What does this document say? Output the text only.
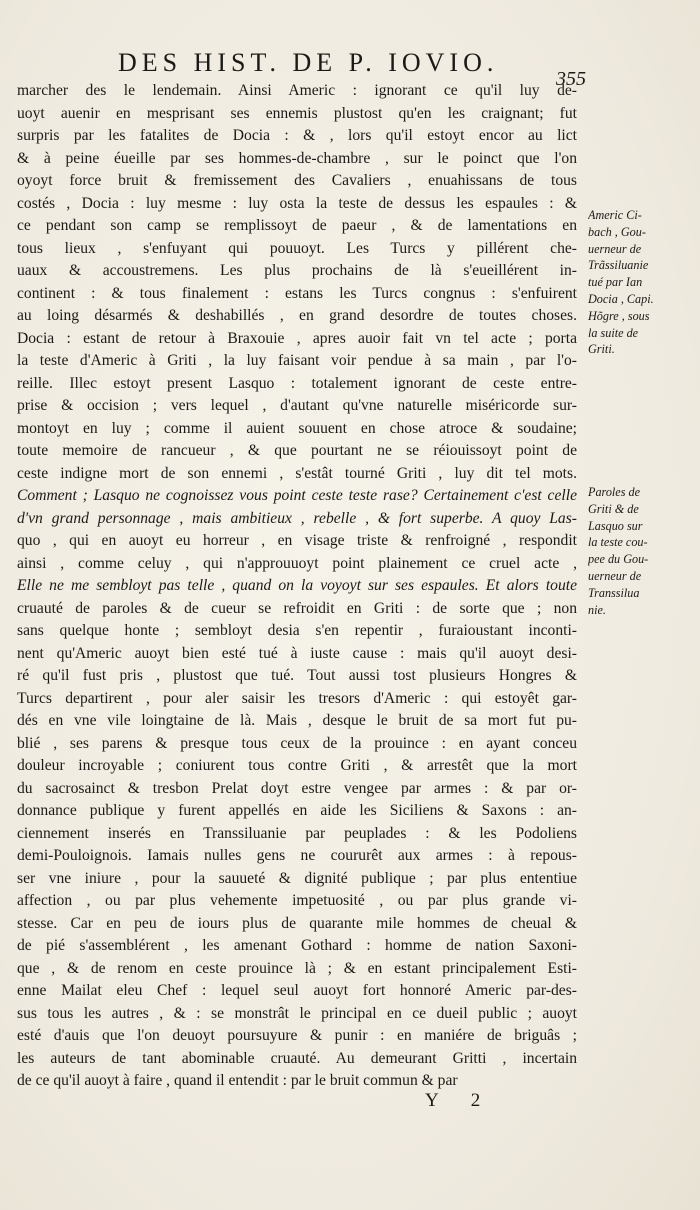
DES HIST. DE P. IOVIO.
355
marcher des le lendemain. Ainsi Americ : ignorant ce qu'il luy de-
uoyt auenir en mesprisant ses ennemis plustost qu'en les craignant; fut
surpris par les fatalites de Docia : & , lors qu'il estoyt encor au lict
& à peine éueille par ses hommes-de-chambre , sur le poinct que l'on
oyoyt force bruit & fremissement des Cavaliers , enuahissans de tous
costés , Docia : luy mesme : luy osta la teste de dessus les espaules : &
ce pendant son camp se remplissoyt de paeur , & de lamentations en
tous lieux , s'enfuyant qui pouuoyt. Les Turcs y pillérent che-
uaux & accoustremens. Les plus prochains de là s'eueillérent in-
continent : & tous finalement : estans les Turcs congnus : s'enfuirent
au loing désarmés & deshabillés , en grand desordre de toutes choses.
Docia : estant de retour à Braxouie , apres auoir fait vn tel acte ; porta
la teste d'Americ à Griti , la luy faisant voir pendue à sa main , par l'o-
reille. Illec estoyt present Lasquo : totalement ignorant de ceste entre-
prise & occision ; vers lequel , d'autant qu'vne naturelle miséricorde sur-
montoyt en luy ; comme il auient souuent en chose atroce & soudaine;
toute memoire de rancueur , & que pourtant ne se réiouissoyt point de
ceste indigne mort de son ennemi , s'estât tourné Griti , luy dit tel mots.
Comment ; Lasquo ne cognoissez vous point ceste teste rase? Certainement c'est celle
d'vn grand personnage , mais ambitieux , rebelle , & fort superbe. A quoy Las-
quo , qui en auoyt eu horreur , en visage triste & renfroigné , respondit
ainsi , comme celuy , qui n'approuuoyt point plainement ce cruel acte ,
Elle ne me sembloyt pas telle , quand on la voyoyt sur ses espaules. Et alors toute
cruauté de paroles & de cueur se refroidit en Griti : de sorte que ; non
sans quelque honte ; sembloyt desia s'en repentir , furaioustant inconti-
nent qu'Americ auoyt bien esté tué à iuste cause : mais qu'il auoyt desi-
ré qu'il fust pris , plustost que tué. Tout aussi tost plusieurs Hongres &
Turcs departirent , pour aler saisir les tresors d'Americ : qui estoyêt gar-
dés en vne vile loingtaine de là. Mais , desque le bruit de sa mort fut pu-
blié , ses parens & presque tous ceux de la prouince : en ayant conceu
douleur incroyable ; coniurent tous contre Griti , & arrestêt que la mort
du sacrosainct & tresbon Prelat doyt estre vengee par armes : & par or-
donnance publique y furent appellés en aide les Siciliens & Saxons : an-
ciennement inserés en Transsiluanie par peuplades : & les Podoliens
demi-Pouloignois. Iamais nulles gens ne coururêt aux armes : à repous-
ser vne iniure , pour la sauueté & dignité publique ; par plus ententiue
affection , ou par plus vehemente impetuosité , ou par plus grande vi-
stesse. Car en peu de iours plus de quarante mile hommes de cheual &
de pié s'assemblérent , les amenant Gothard : homme de nation Saxoni-
que , & de renom en ceste prouince là ; & en estant principalement Esti-
enne Mailat eleu Chef : lequel seul auoyt fort honnoré Americ par-des-
sus tous les autres , & : se monstrât le principal en ce dueil public ; auoyt
esté d'auis que l'on deuoyt poursuyure & punir : en maniére de briguâs ;
les auteurs de tant abominable cruauté. Au demeurant Gritti , incertain
de ce qu'il auoyt à faire , quand il entendit : par le bruit commun & par
Americ Ci-
bach , Gou-
uerneur de
Trãssiluanie
tué par Ian
Docia , Capi.
Hõgre , sous
la suite de
Griti.
Paroles de
Griti & de
Lasquo sur
la teste cou-
pee du Gou-
uerneur de
Transsilua
nie.
Y 2
